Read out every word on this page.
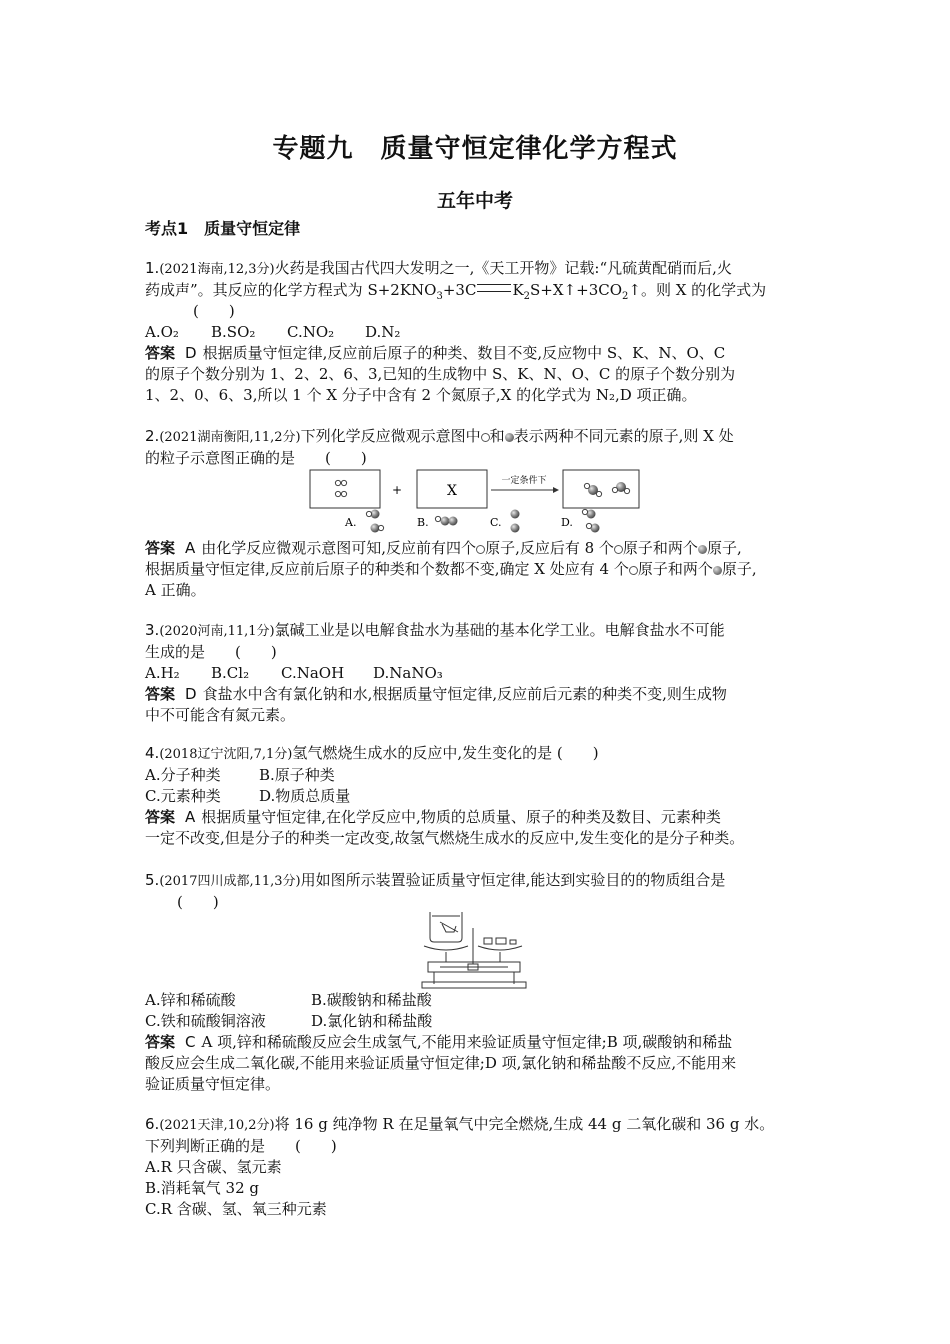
专题九　质量守恒定律化学方程式
五年中考
考点1　质量守恒定律
1.(2021海南,12,3分)火药是我国古代四大发明之一,《天工开物》记载:“凡硫黄配硝而后,火
药成声”。其反应的化学方程式为 $S+2KNO_3+3C$ $K_2S+X↑+3CO_2↑$。则 X 的化学式为
(　　)
A.O₂ B.SO₂ C.NO₂ D.N₂
答案 D 根据质量守恒定律,反应前后原子的种类、数目不变,反应物中 S、K、N、O、C
的原子个数分别为 1、2、2、6、3,已知的生成物中 S、K、N、O、C 的原子个数分别为
1、2、0、6、3,所以 1 个 X 分子中含有 2 个氮原子,X 的化学式为 N₂,D 项正确。
2.(2021湖南衡阳,11,2分)下列化学反应微观示意图中 和 表示两种不同元素的原子,则 X 处
的粒子示意图正确的是　　(　　)
+	X
一定条件下
A.	B.	C.	D.
答案 A 由化学反应微观示意图可知,反应前有四个 原子,反应后有 8 个 原子和两个 原子,
根据质量守恒定律,反应前后原子的种类和个数都不变,确定 X 处应有 4 个 原子和两个 原子,
A 正确。
3.(2020河南,11,1分)氯碱工业是以电解食盐水为基础的基本化学工业。电解食盐水不可能
生成的是　　(　　)
A.H₂ B.Cl₂ C.NaOH D.NaNO₃
答案 D 食盐水中含有氯化钠和水,根据质量守恒定律,反应前后元素的种类不变,则生成物
中不可能含有氮元素。
4.(2018辽宁沈阳,7,1分)氢气燃烧生成水的反应中,发生变化的是 (　　)
A.分子种类	B.原子种类
C.元素种类	D.物质总质量
答案 A 根据质量守恒定律,在化学反应中,物质的总质量、原子的种类及数目、元素种类
一定不改变,但是分子的种类一定改变,故氢气燃烧生成水的反应中,发生变化的是分子种类。
5.(2017四川成都,11,3分)用如图所示装置验证质量守恒定律,能达到实验目的的物质组合是
(　　)
A.锌和稀硫酸	B.碳酸钠和稀盐酸
C.铁和硫酸铜溶液	D.氯化钠和稀盐酸
答案 C A 项,锌和稀硫酸反应会生成氢气,不能用来验证质量守恒定律;B 项,碳酸钠和稀盐
酸反应会生成二氧化碳,不能用来验证质量守恒定律;D 项,氯化钠和稀盐酸不反应,不能用来
验证质量守恒定律。
6.(2021天津,10,2分)将 16 g 纯净物 R 在足量氧气中完全燃烧,生成 44 g 二氧化碳和 36 g 水。
下列判断正确的是　　(　　)
A.R 只含碳、氢元素
B.消耗氧气 32 g
C.R 含碳、氢、氧三种元素
